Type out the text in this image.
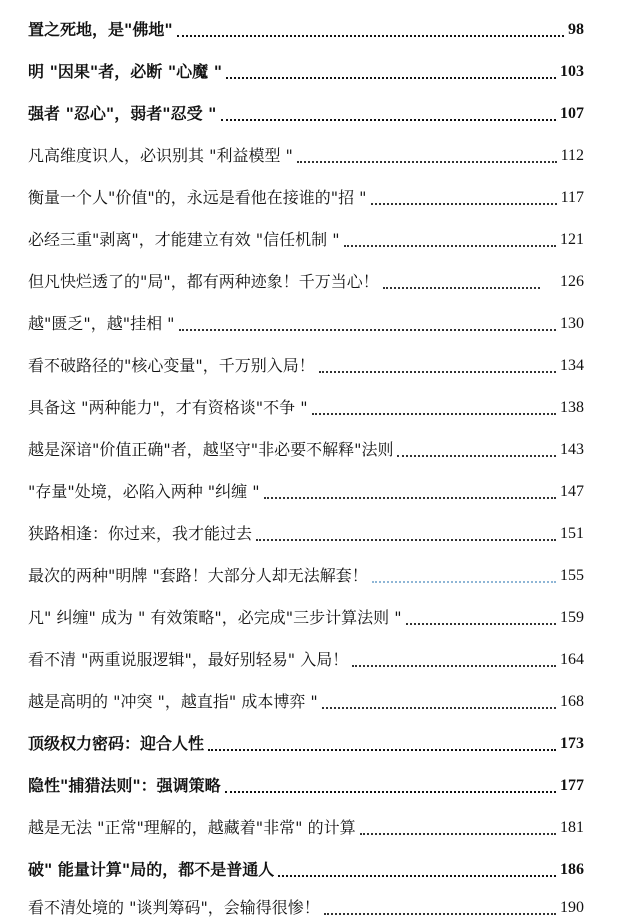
置之死地，是"佛地"	98
明 "因果"者，必断 "心魔 "	103
强者 "忍心"，弱者"忍受 "	107
凡高维度识人，必识别其 "利益模型 "	112
衡量一个人"价值"的，永远是看他在接谁的"招 "	117
必经三重"剥离"，才能建立有效 "信任机制 "	121
但凡快烂透了的"局"，都有两种迹象！千万当心！	126
越"匮乏"，越"挂相 "	130
看不破路径的"核心变量"，千万别入局！	134
具备这 "两种能力"，才有资格谈"不争 "	138
越是深谙"价值正确"者，越坚守"非必要不解释"法则	143
"存量"处境，必陷入两种 "纠缠 "	147
狭路相逢：你过来，我才能过去	151
最次的两种"明牌 "套路！大部分人却无法解套！	155
凡" 纠缠" 成为 " 有效策略"，必完成"三步计算法则 "	159
看不清 "两重说服逻辑"，最好别轻易" 入局！	164
越是高明的 "冲突 "，越直指" 成本博弈 "	168
顶级权力密码：迎合人性	173
隐性"捕猎法则"：强调策略	177
越是无法 "正常"理解的，越藏着"非常" 的计算	181
破" 能量计算"局的，都不是普通人	186
看不清处境的 "谈判筹码"，会输得很惨！	190
